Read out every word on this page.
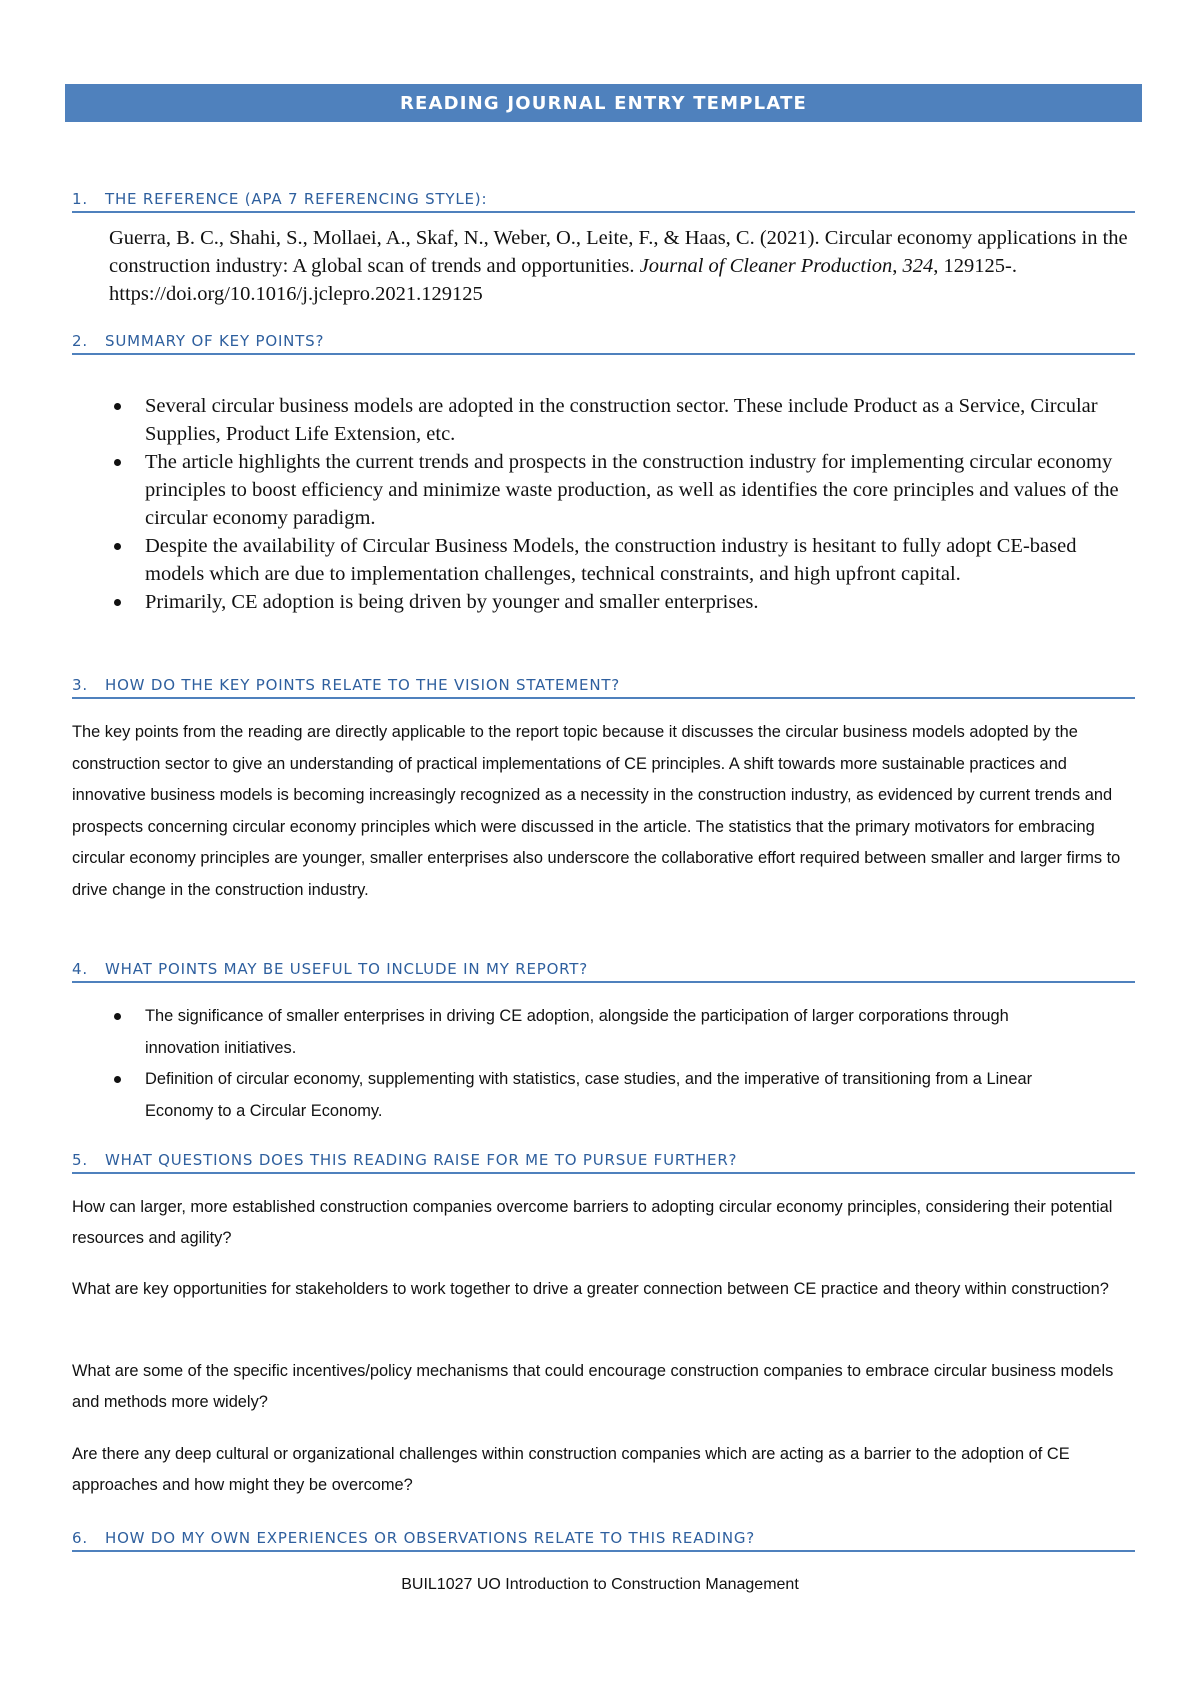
READING JOURNAL ENTRY TEMPLATE
1. THE REFERENCE (APA 7 REFERENCING STYLE):
Guerra, B. C., Shahi, S., Mollaei, A., Skaf, N., Weber, O., Leite, F., & Haas, C. (2021). Circular economy applications in the construction industry: A global scan of trends and opportunities. Journal of Cleaner Production, 324, 129125-. https://doi.org/10.1016/j.jclepro.2021.129125
2. SUMMARY OF KEY POINTS?
Several circular business models are adopted in the construction sector. These include Product as a Service, Circular Supplies, Product Life Extension, etc.
The article highlights the current trends and prospects in the construction industry for implementing circular economy principles to boost efficiency and minimize waste production, as well as identifies the core principles and values of the circular economy paradigm.
Despite the availability of Circular Business Models, the construction industry is hesitant to fully adopt CE-based models which are due to implementation challenges, technical constraints, and high upfront capital.
Primarily, CE adoption is being driven by younger and smaller enterprises.
3. HOW DO THE KEY POINTS RELATE TO THE VISION STATEMENT?
The key points from the reading are directly applicable to the report topic because it discusses the circular business models adopted by the construction sector to give an understanding of practical implementations of CE principles. A shift towards more sustainable practices and innovative business models is becoming increasingly recognized as a necessity in the construction industry, as evidenced by current trends and prospects concerning circular economy principles which were discussed in the article. The statistics that the primary motivators for embracing circular economy principles are younger, smaller enterprises also underscore the collaborative effort required between smaller and larger firms to drive change in the construction industry.
4. WHAT POINTS MAY BE USEFUL TO INCLUDE IN MY REPORT?
The significance of smaller enterprises in driving CE adoption, alongside the participation of larger corporations through innovation initiatives.
Definition of circular economy, supplementing with statistics, case studies, and the imperative of transitioning from a Linear Economy to a Circular Economy.
5. WHAT QUESTIONS DOES THIS READING RAISE FOR ME TO PURSUE FURTHER?
How can larger, more established construction companies overcome barriers to adopting circular economy principles, considering their potential resources and agility?
What are key opportunities for stakeholders to work together to drive a greater connection between CE practice and theory within construction?
What are some of the specific incentives/policy mechanisms that could encourage construction companies to embrace circular business models and methods more widely?
Are there any deep cultural or organizational challenges within construction companies which are acting as a barrier to the adoption of CE approaches and how might they be overcome?
6. HOW DO MY OWN EXPERIENCES OR OBSERVATIONS RELATE TO THIS READING?
BUIL1027 UO Introduction to Construction Management
